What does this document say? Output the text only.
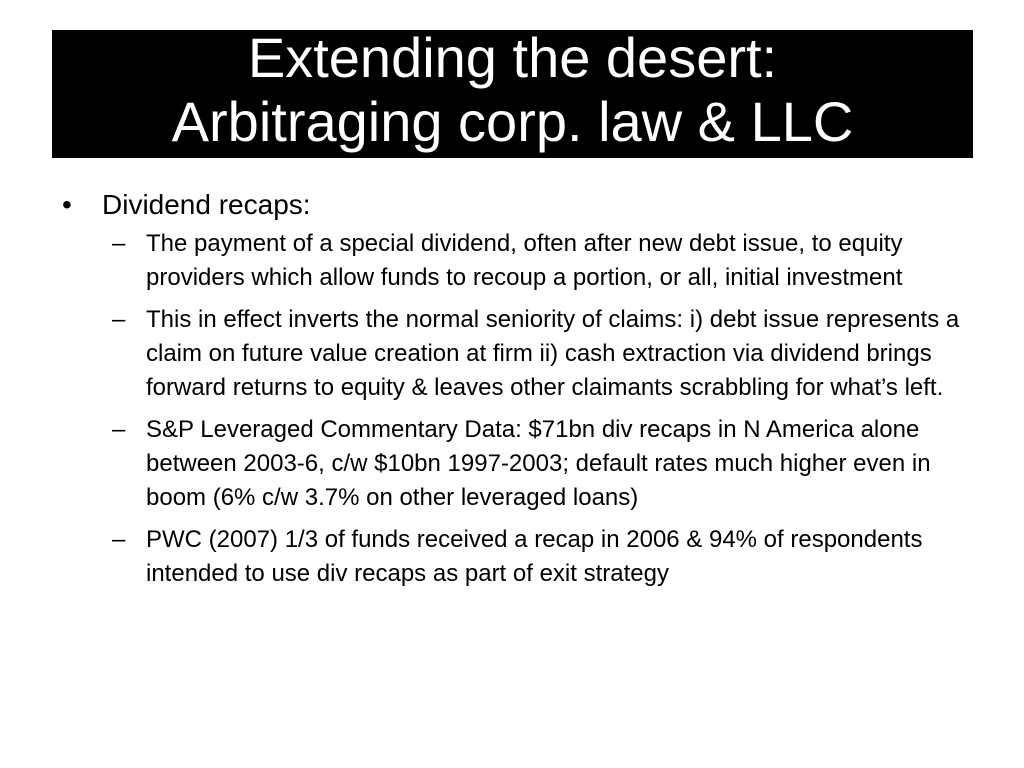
Extending the desert:
Arbitraging corp. law & LLC
•	Dividend recaps:
– The payment of a special dividend, often after new debt issue, to equity providers which allow funds to recoup a portion, or all, initial investment
– This in effect inverts the normal seniority of claims: i) debt issue represents a claim on future value creation at firm ii) cash extraction via dividend brings forward returns to equity & leaves other claimants scrabbling for what’s left.
– S&P Leveraged Commentary Data: $71bn div recaps in N America alone between 2003-6, c/w $10bn 1997-2003; default rates much higher even in boom (6% c/w 3.7% on other leveraged loans)
– PWC (2007) 1/3 of funds received a recap in 2006 & 94% of respondents intended to use div recaps as part of exit strategy
